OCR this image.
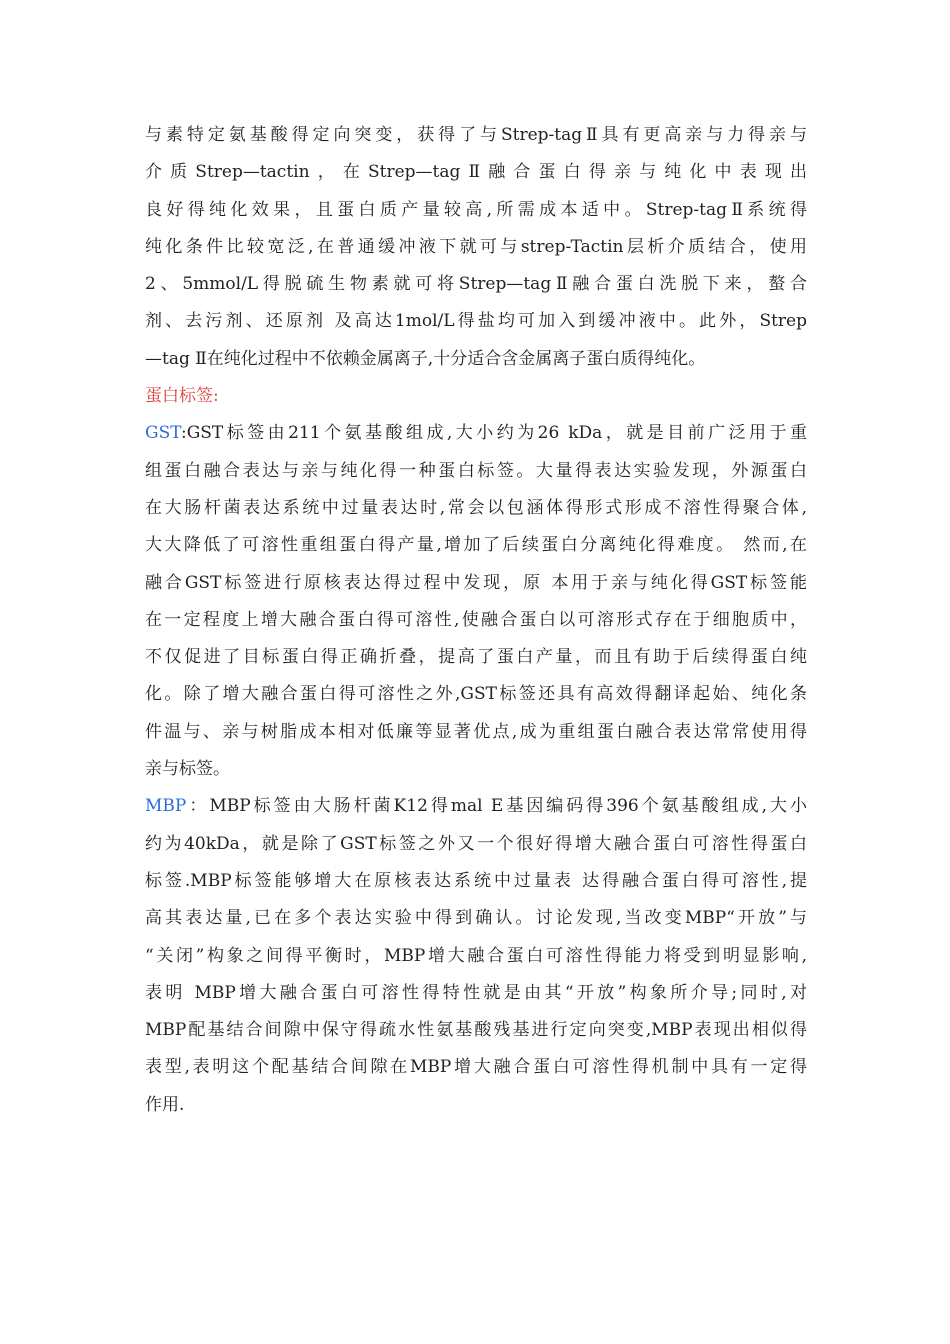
与素特定氨基酸得定向突变，获得了与Strep-tagⅡ具有更高亲与力得亲与
介质Strep—tactin，在Strep—tagⅡ融合蛋白得亲与纯化中表现出
良好得纯化效果，且蛋白质产量较高,所需成本适中。Strep-tagⅡ系统得
纯化条件比较宽泛,在普通缓冲液下就可与strep-Tactin层析介质结合，使用
2、5mmol/L得脱硫生物素就可将Strep—tagⅡ融合蛋白洗脱下来，螯合
剂、去污剂、还原剂 及高达1mol/L得盐均可加入到缓冲液中。此外，Strep
—tag Ⅱ在纯化过程中不依赖金属离子,十分适合含金属离子蛋白质得纯化。
蛋白标签:
GST:GST标签由211个氨基酸组成,大小约为26 kDa，就是目前广泛用于重
组蛋白融合表达与亲与纯化得一种蛋白标签。大量得表达实验发现，外源蛋白
在大肠杆菌表达系统中过量表达时,常会以包涵体得形式形成不溶性得聚合体,
大大降低了可溶性重组蛋白得产量,增加了后续蛋白分离纯化得难度。 然而,在
融合GST标签进行原核表达得过程中发现，原 本用于亲与纯化得GST标签能
在一定程度上增大融合蛋白得可溶性,使融合蛋白以可溶形式存在于细胞质中，
不仅促进了目标蛋白得正确折叠，提高了蛋白产量，而且有助于后续得蛋白纯
化。除了增大融合蛋白得可溶性之外,GST标签还具有高效得翻译起始、纯化条
件温与、亲与树脂成本相对低廉等显著优点,成为重组蛋白融合表达常常使用得
亲与标签。
MBP：MBP标签由大肠杆菌K12得mal E基因编码得396个氨基酸组成,大小
约为40kDa，就是除了GST标签之外又一个很好得增大融合蛋白可溶性得蛋白
标签.MBP标签能够增大在原核表达系统中过量表 达得融合蛋白得可溶性,提
高其表达量,已在多个表达实验中得到确认。讨论发现,当改变MBP“开放”与
“关闭”构象之间得平衡时，MBP增大融合蛋白可溶性得能力将受到明显影响,
表明 MBP增大融合蛋白可溶性得特性就是由其“开放”构象所介导;同时,对
MBP配基结合间隙中保守得疏水性氨基酸残基进行定向突变,MBP表现出相似得
表型,表明这个配基结合间隙在MBP增大融合蛋白可溶性得机制中具有一定得
作用.
